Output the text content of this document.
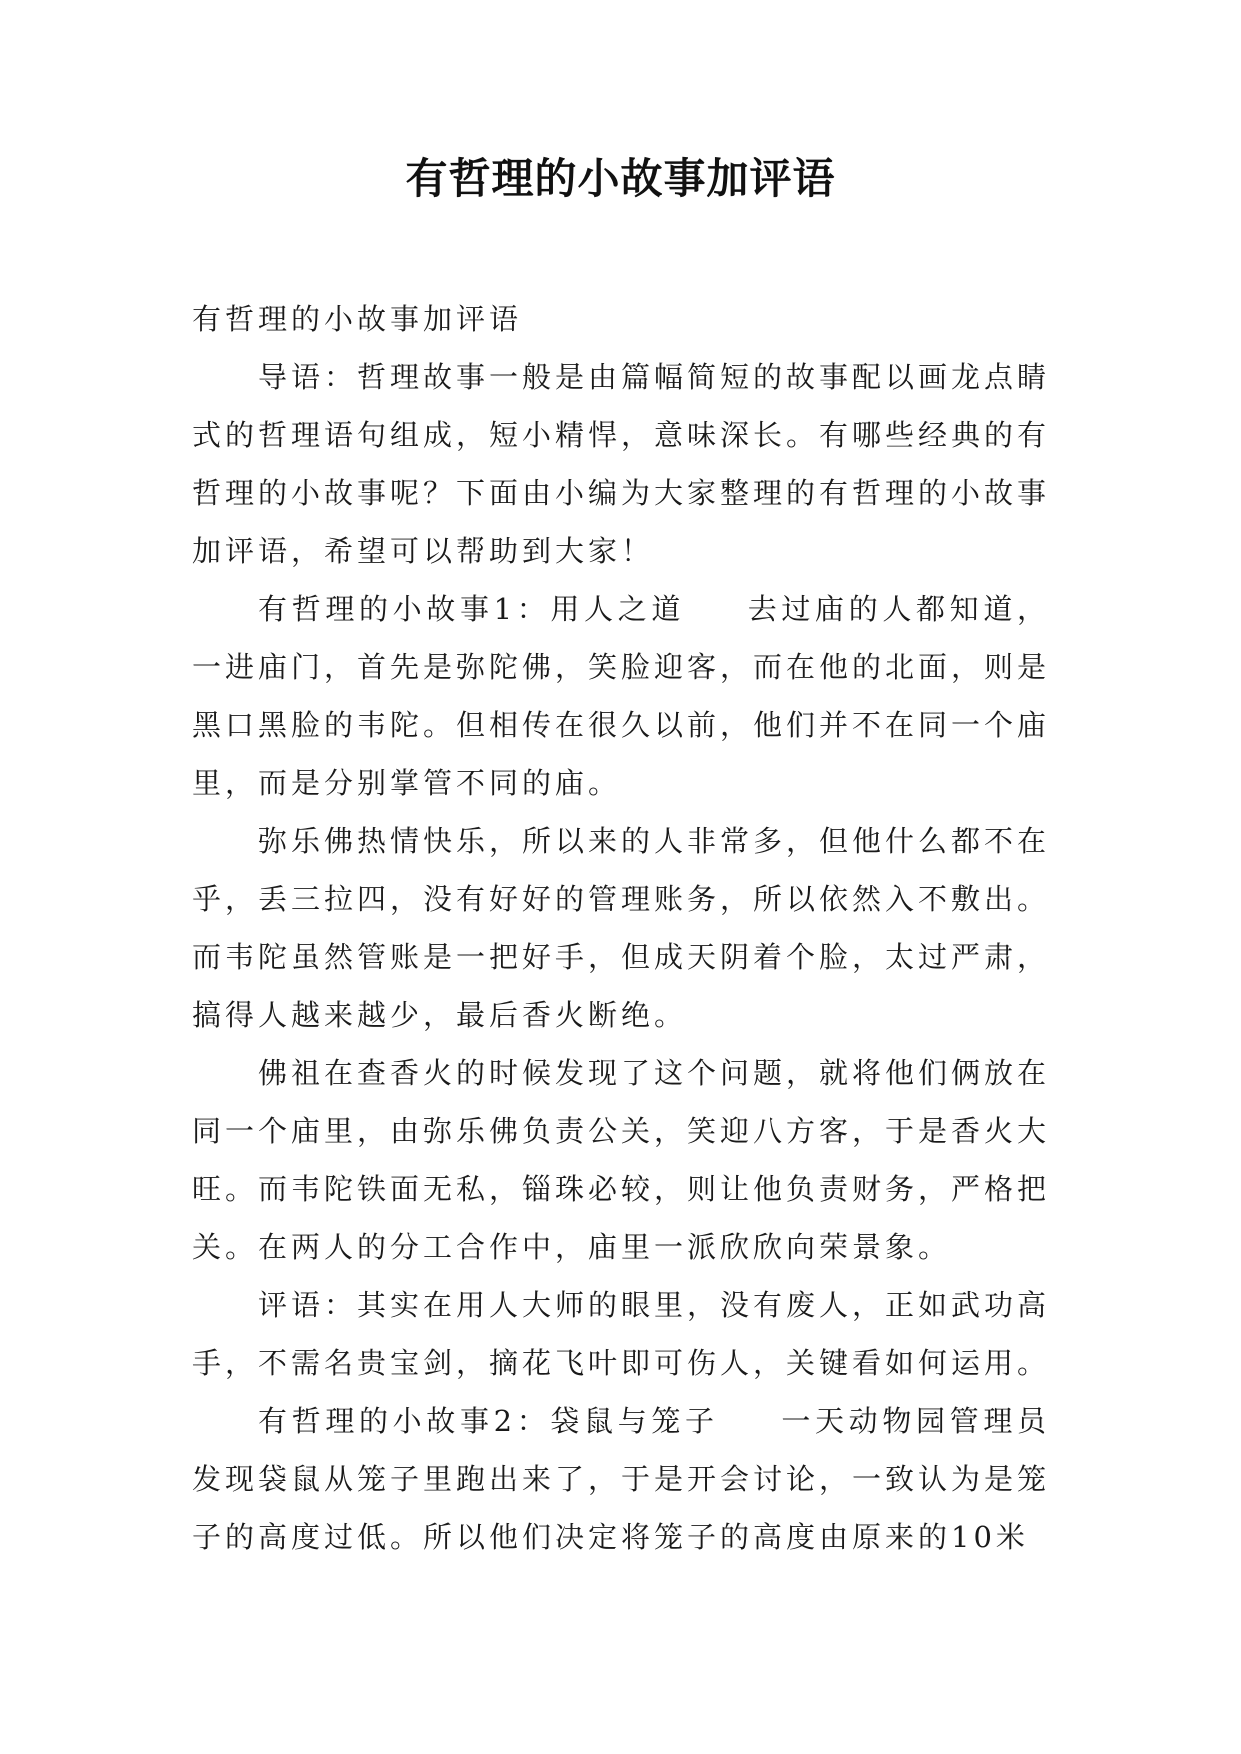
有哲理的小故事加评语

有哲理的小故事加评语

导语：哲理故事一般是由篇幅简短的故事配以画龙点睛式的哲理语句组成，短小精悍，意味深长。有哪些经典的有哲理的小故事呢？下面由小编为大家整理的有哲理的小故事加评语，希望可以帮助到大家！

有哲理的小故事1：用人之道 去过庙的人都知道，一进庙门，首先是弥陀佛，笑脸迎客，而在他的北面，则是黑口黑脸的韦陀。但相传在很久以前，他们并不在同一个庙里，而是分别掌管不同的庙。

弥乐佛热情快乐，所以来的人非常多，但他什么都不在乎，丢三拉四，没有好好的管理账务，所以依然入不敷出。而韦陀虽然管账是一把好手，但成天阴着个脸，太过严肃，搞得人越来越少，最后香火断绝。

佛祖在查香火的时候发现了这个问题，就将他们俩放在同一个庙里，由弥乐佛负责公关，笑迎八方客，于是香火大旺。而韦陀铁面无私，锱珠必较，则让他负责财务，严格把关。在两人的分工合作中，庙里一派欣欣向荣景象。

评语：其实在用人大师的眼里，没有废人，正如武功高手，不需名贵宝剑，摘花飞叶即可伤人，关键看如何运用。

有哲理的小故事2：袋鼠与笼子 一天动物园管理员发现袋鼠从笼子里跑出来了，于是开会讨论，一致认为是笼子的高度过低。所以他们决定将笼子的高度由原来的10米
